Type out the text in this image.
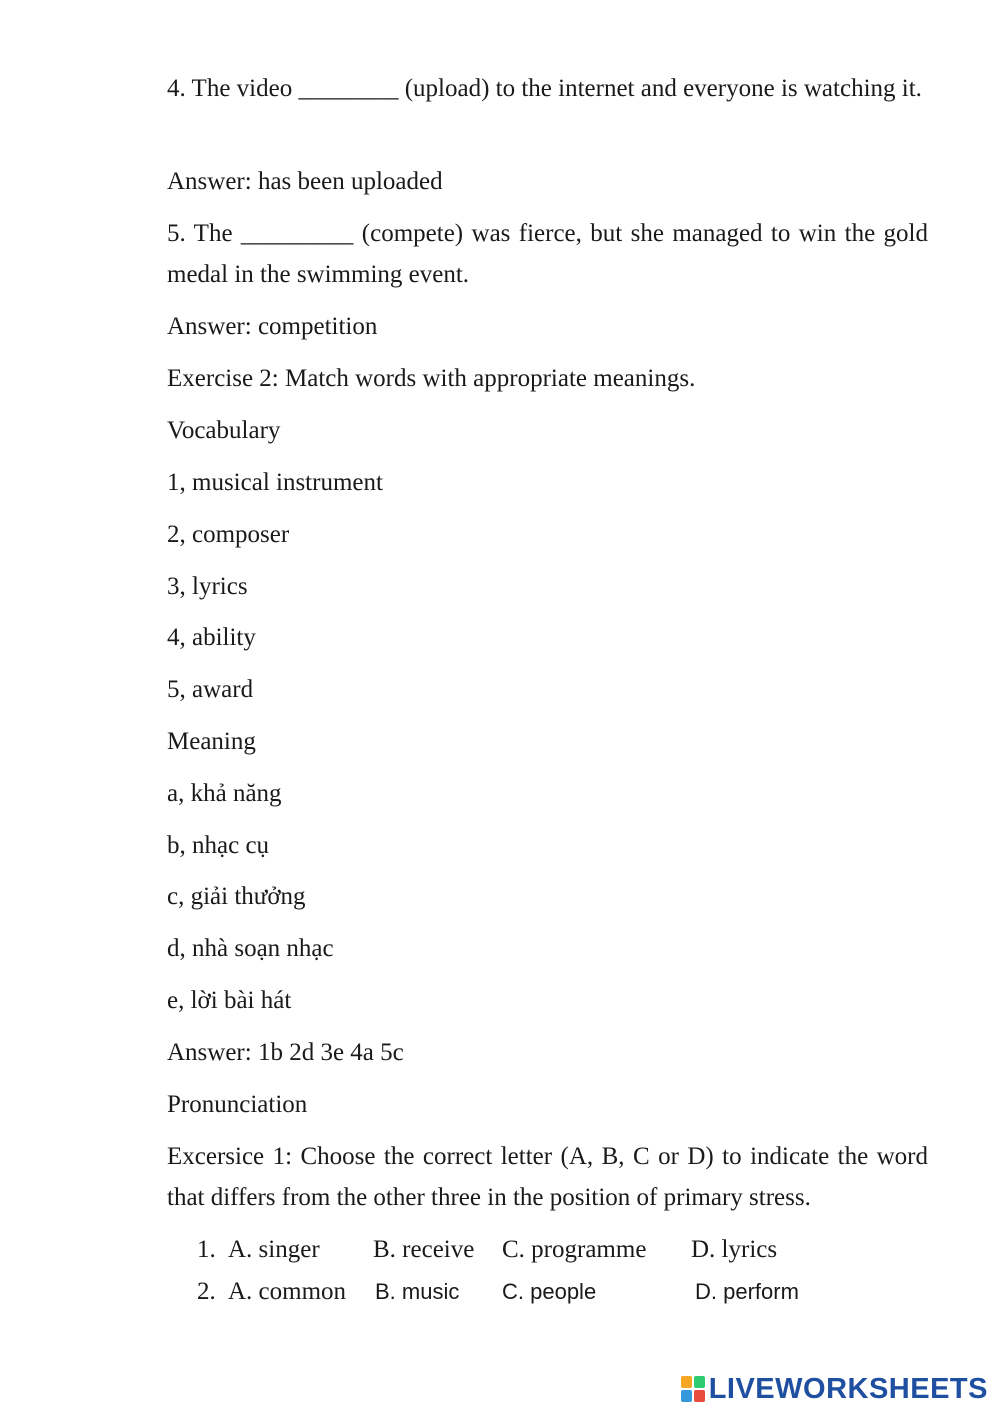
4. The video ________ (upload) to the internet and everyone is watching it.

Answer: has been uploaded

5. The _________ (compete) was fierce, but she managed to win the gold medal in the swimming event.

Answer: competition

Exercise 2: Match words with appropriate meanings.

Vocabulary

1, musical instrument

2, composer

3, lyrics

4, ability

5, award

Meaning

a, khả năng

b, nhạc cụ

c, giải thưởng

d, nhà soạn nhạc

e, lời bài hát

Answer: 1b 2d 3e 4a 5c

Pronunciation

Excersice 1: Choose the correct letter (A, B, C or D) to indicate the word that differs from the other three in the position of primary stress.

1. A. singer B. receive C. programme D. lyrics
2. A. common B. music C. people	D. perform
LIVEWORKSHEETS
